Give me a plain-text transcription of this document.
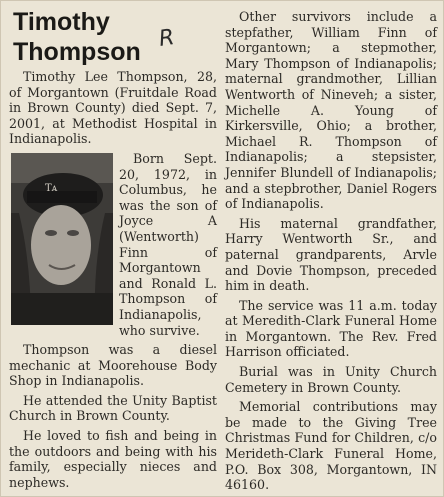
Timothy
Thompson R

Timothy Lee Thompson, 28, of Morgantown (Fruitdale Road in Brown County) died Sept. 7, 2001, at Methodist Hospital in Indianapolis.

Tᴀ

Born Sept. 20, 1972, in Columbus, he was the son of Joyce A (Wentworth) Finn of Morgantown and Ronald L. Thompson of Indianapolis, who survive.

Thompson was a diesel mechanic at Moorehouse Body Shop in Indianapolis.

He attended the Unity Baptist Church in Brown County.

He loved to fish and being in the outdoors and being with his family, especially nieces and nephews.

Other survivors include a stepfather, William Finn of Morgantown; a stepmother, Mary Thompson of Indianapolis; maternal grandmother, Lillian Wentworth of Nineveh; a sister, Michelle A. Young of Kirkersville, Ohio; a brother, Michael R. Thompson of Indianapolis; a stepsister, Jennifer Blundell of Indianapolis; and a stepbrother, Daniel Rogers of Indianapolis.

His maternal grandfather, Harry Wentworth Sr., and paternal grandparents, Arvle and Dovie Thompson, preceded him in death.

The service was 11 a.m. today at Meredith-Clark Funeral Home in Morgantown. The Rev. Fred Harrison officiated.

Burial was in Unity Church Cemetery in Brown County.

Memorial contributions may be made to the Giving Tree Christmas Fund for Children, c/o Merideth-Clark Funeral Home, P.O. Box 308, Morgantown, IN 46160.
